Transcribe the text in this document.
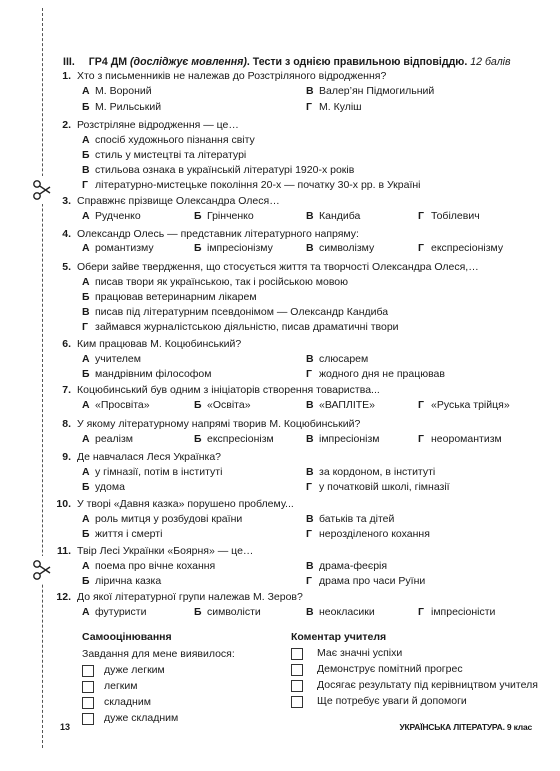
III. ГР4 ДМ (досліджує мовлення). Тести з однією правильною відповіддю. 12 балів
1. Хто з письменників не належав до Розстріляного відродження?
А М. Вороний	В Валер’ян Підмогильний
Б М. Рильський	Г М. Куліш
2. Розстріляне відродження — це…
А спосіб художнього пізнання світу
Б стиль у мистецтві та літературі
В стильова ознака в українській літературі 1920-х років
Г літературно-мистецьке покоління 20-х — початку 30-х рр. в Україні
3. Справжнє прізвище Олександра Олеся…
А Рудченко	Б Грінченко	В Кандиба	Г Тобілевич
4. Олександр Олесь — представник літературного напряму:
А романтизму	Б імпресіонізму	В символізму	Г експресіонізму
5. Обери зайве твердження, що стосується життя та творчості Олександра Олеся,…
А писав твори як українською, так і російською мовою
Б працював ветеринарним лікарем
В писав під літературним псевдонімом — Олександр Кандиба
Г займався журналістською діяльністю, писав драматичні твори
6. Ким працював М. Коцюбинський?
А учителем	В слюсарем
Б мандрівним філософом	Г жодного дня не працював
7. Коцюбинський був одним з ініціаторів створення товариства...
А «Просвіта»	Б «Освіта»	В «ВАПЛІТЕ»	Г «Руська трійця»
8. У якому літературному напрямі творив М. Коцюбинський?
А реалізм	Б експресіонізм	В імпресіонізм	Г неоромантизм
9. Де навчалася Леся Українка?
А у гімназії, потім в інституті	В за кордоном, в інституті
Б удома	Г у початковій школі, гімназії
10. У творі «Давня казка» порушено проблему...
А роль митця у розбудові країни	В батьків та дітей
Б життя і смерті	Г нерозділеного кохання
11. Твір Лесі Українки «Боярня» — це…
А поема про вічне кохання	В драма-феєрія
Б лірична казка	Г драма про часи Руїни
12. До якої літературної групи належав М. Зеров?
А футуристи	Б символісти	В неокласики	Г імпресіоністи
Самооцінювання
Завдання для мене виявилося:
дуже легким
легким
складним
дуже складним
Коментар учителя
Має значні успіхи
Демонструє помітний прогрес
Досягає результату під керівництвом учителя
Ще потребує уваги й допомоги
13	УКРАЇНСЬКА ЛІТЕРАТУРА. 9 клас
